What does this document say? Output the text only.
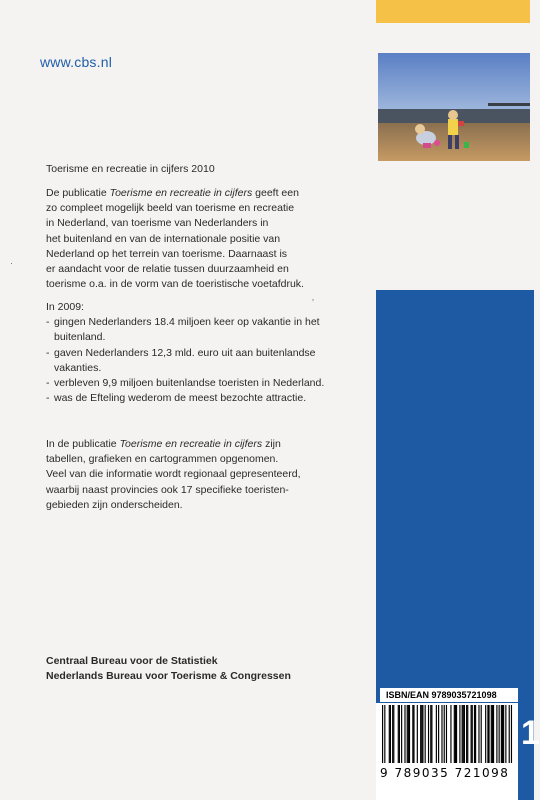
www.cbs.nl
Toerisme en recreatie in cijfers 2010

De publicatie Toerisme en recreatie in cijfers geeft een

zo compleet mogelijk beeld van toerisme en recreatie

in Nederland, van toerisme van Nederlanders in

het buitenland en van de internationale positie van

Nederland op het terrein van toerisme. Daarnaast is

er aandacht voor de relatie tussen duurzaamheid en

toerisme o.a. in de vorm van de toeristische voetafdruk.

In 2009:

- gingen Nederlanders 18.4 miljoen keer op vakantie in het buitenland.
- gaven Nederlanders 12,3 mld. euro uit aan buitenlandse vakanties.
- verbleven 9,9 miljoen buitenlandse toeristen in Nederland.
- was de Efteling wederom de meest bezochte attractie.

In de publicatie Toerisme en recreatie in cijfers zijn

tabellen, grafieken en cartogrammen opgenomen.

Veel van die informatie wordt regionaal gepresenteerd,

waarbij naast provincies ook 17 specifieke toeristen-

gebieden zijn onderscheiden.

Centraal Bureau voor de Statistiek
Nederlands Bureau voor Toerisme & Congressen
ISBN/EAN 9789035721098
9 789035 721098
1
ʼ
·
